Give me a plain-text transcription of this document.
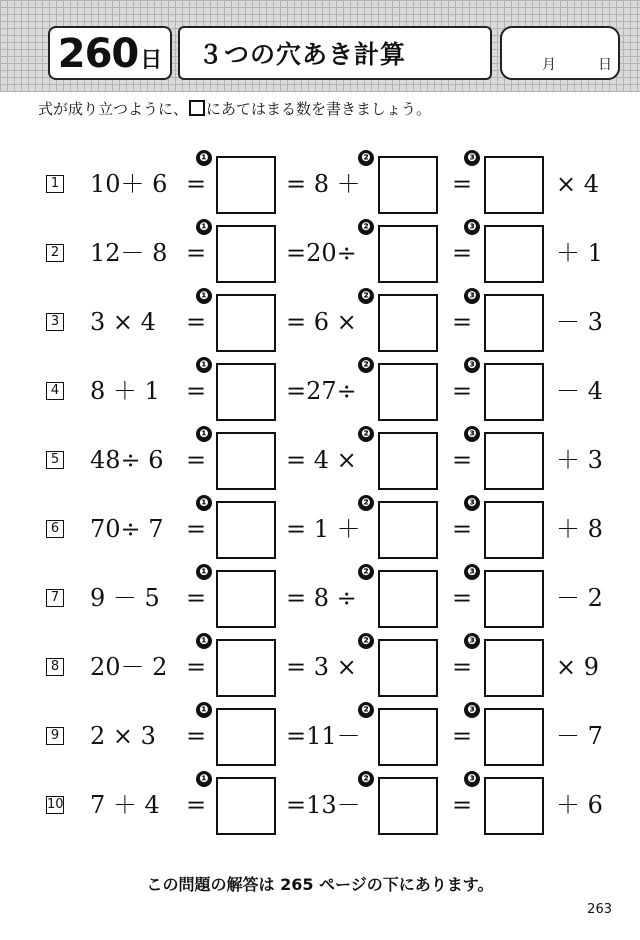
260 日 ３つの穴あき計算	月	日
式が成り立つように、 にあてはまる数を書きましょう。
1 10＋ 6 =
❶
= 8 ＋
❷
=
❸
× 4
2 12－ 8 =
❶
=20÷
❷
=
❸
＋ 1
3 3 × 4 =
❶
= 6 ×
❷
=
❸
－ 3
4 8 ＋ 1 =
❶
=27÷
❷
=
❸
－ 4
5 48÷ 6 =
❶
= 4 ×
❷
=
❸
＋ 3
6 70÷ 7 =
❶
= 1 ＋
❷
=
❸
＋ 8
7 9 － 5 =
❶
= 8 ÷
❷
=
❸
－ 2
8 20－ 2 =
❶
= 3 ×
❷
=
❸
× 9
9 2 × 3 =
❶
=11－
❷
=
❸
－ 7
10 7 ＋ 4 =
❶
=13－
❷
=
❸
＋ 6
この問題の解答は 265 ページの下にあります。
263
